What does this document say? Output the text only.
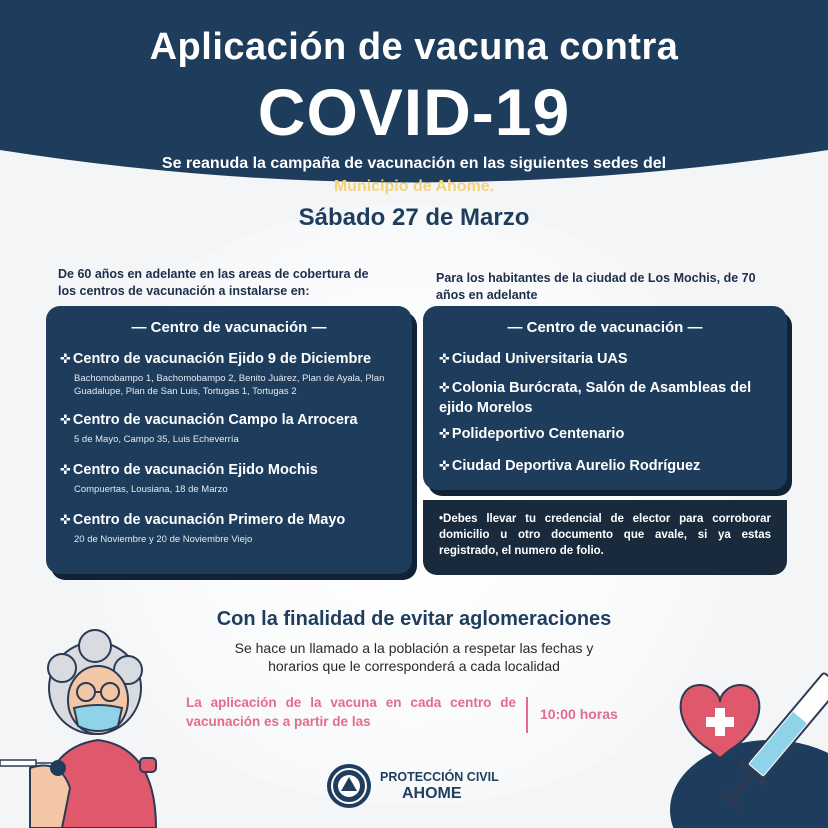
Aplicación de vacuna contra
COVID-19
Se reanuda la campaña de vacunación en las siguientes sedes del
Municipio de Ahome.
Sábado 27 de Marzo
De 60 años en adelante en las areas de cobertura de los centros de vacunación a instalarse en:
— Centro de vacunación —
✜ Centro de vacunación Ejido 9 de Diciembre
Bachomobampo 1, Bachomobampo 2, Benito Juárez, Plan de Ayala, Plan Guadalupe, Plan de San Luis, Tortugas 1, Tortugas 2
✜ Centro de vacunación Campo la Arrocera
5 de Mayo, Campo 35, Luis Echeverría
✜ Centro de vacunación Ejido Mochis
Compuertas, Lousiana, 18 de Marzo
✜ Centro de vacunación Primero de Mayo
20 de Noviembre y 20 de Noviembre Viejo
Para los habitantes de la ciudad de Los Mochis, de 70 años en adelante
— Centro de vacunación —
✜ Ciudad Universitaria UAS
✜ Colonia Burócrata, Salón de Asambleas del ejido Morelos
✜ Polideportivo Centenario
✜ Ciudad Deportiva Aurelio Rodríguez
•Debes llevar tu credencial de elector para corroborar domicilio u otro documento que avale, si ya estas registrado, el numero de folio.
Con la finalidad de evitar aglomeraciones
Se hace un llamado a la población a respetar las fechas y horarios que le corresponderá a cada localidad
La aplicación de la vacuna en cada centro de vacunación es a partir de las	10:00 horas
PROTECCIÓN CIVIL
AHOME
